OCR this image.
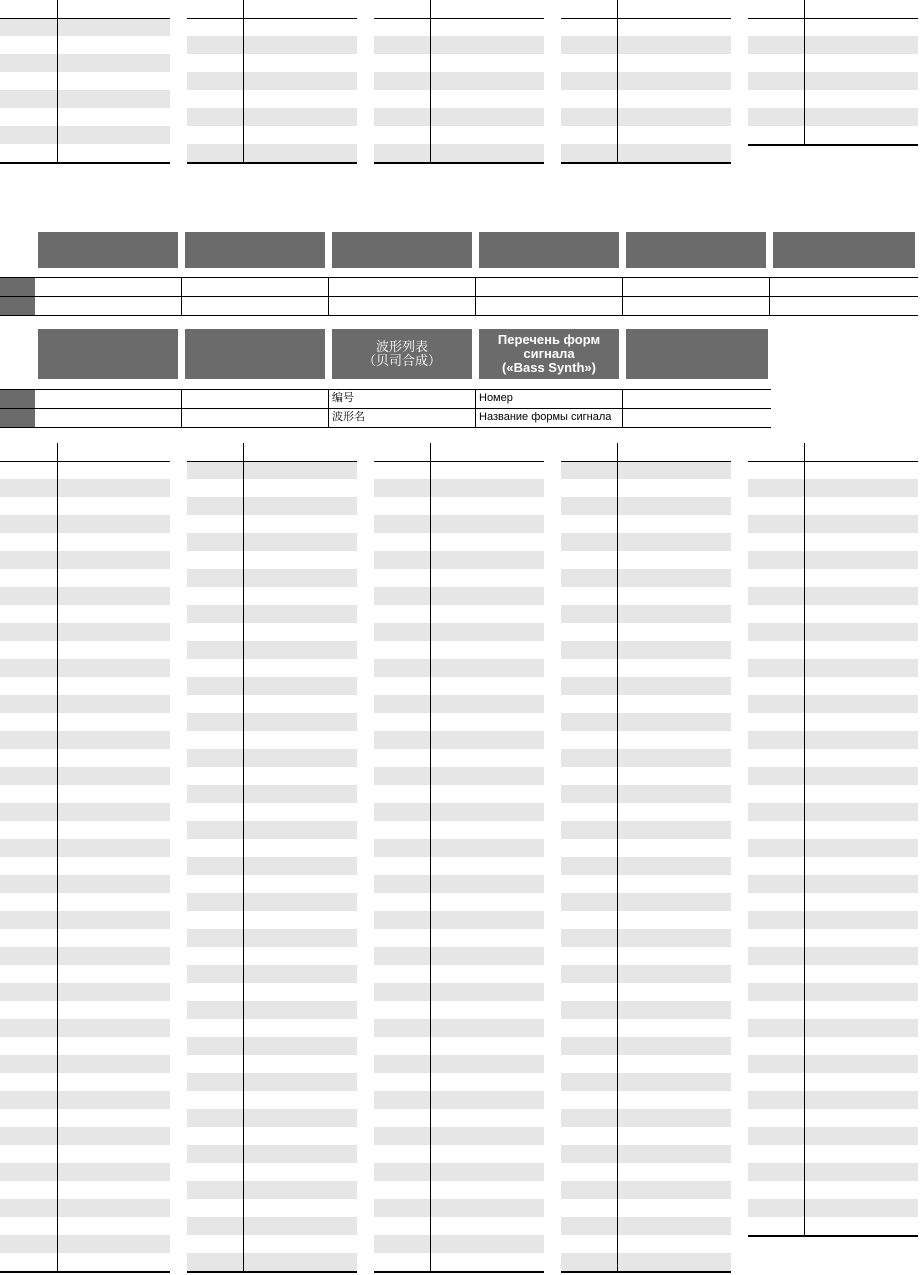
波形列表
（贝司合成）
Перечень форм
сигнала
(«Bass Synth»)
编号	Номер
波形名	Название формы сигнала
